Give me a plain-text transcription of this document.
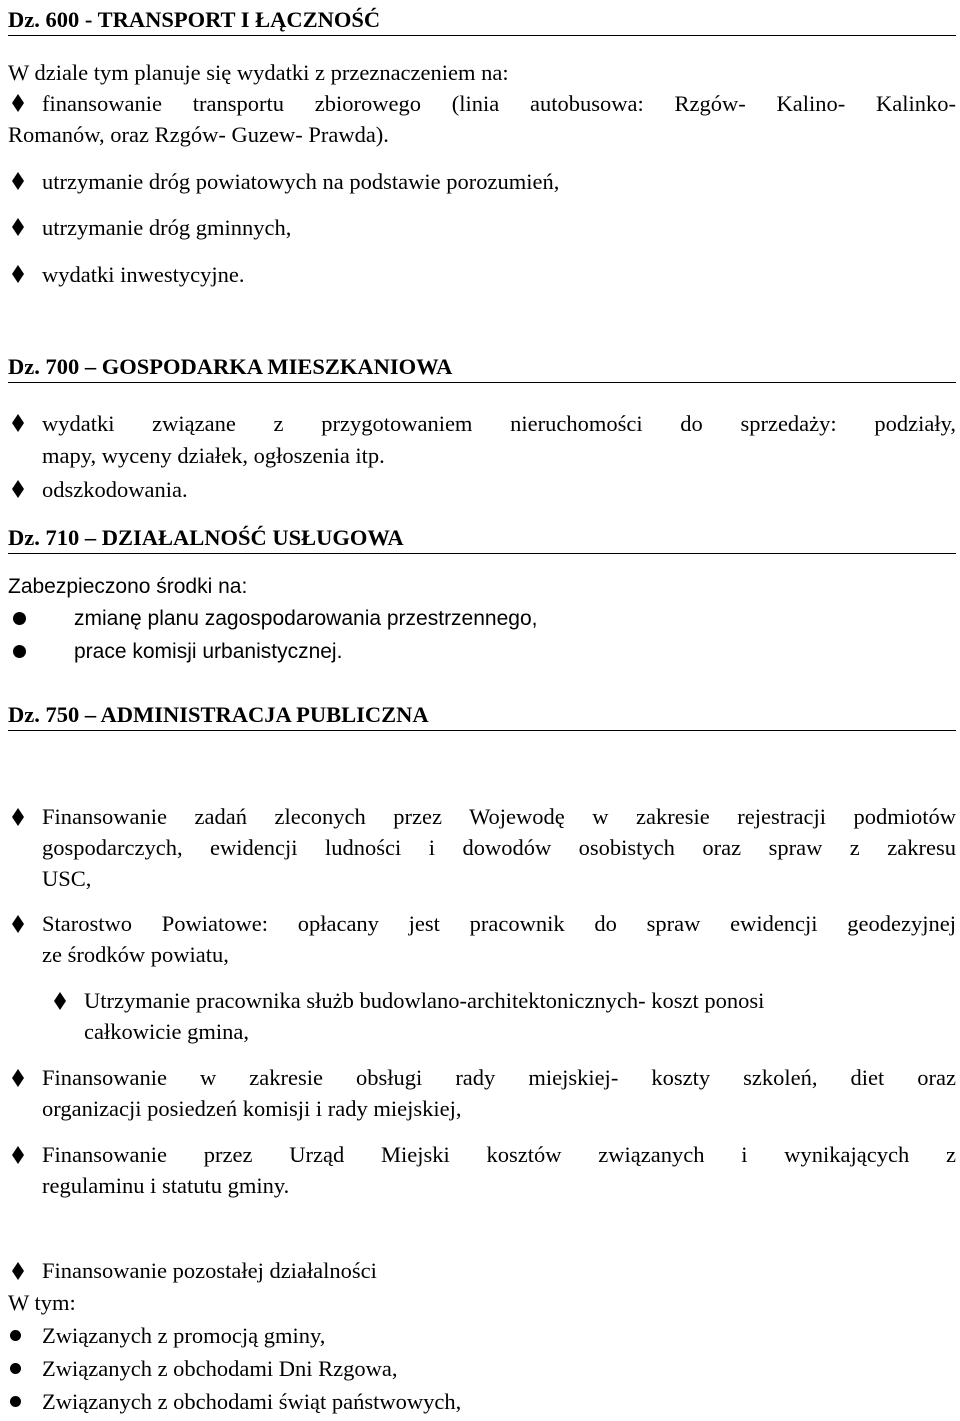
Dz. 600 - TRANSPORT I ŁĄCZNOŚĆ
W dziale tym planuje się wydatki z przeznaczeniem na:
finansowanie transportu zbiorowego (linia autobusowa: Rzgów- Kalino- Kalinko-
Romanów, oraz Rzgów- Guzew- Prawda).
utrzymanie dróg powiatowych na podstawie porozumień,
utrzymanie dróg gminnych,
wydatki inwestycyjne.
Dz. 700 – GOSPODARKA MIESZKANIOWA
wydatki związane z przygotowaniem nieruchomości do sprzedaży: podziały,
mapy, wyceny działek, ogłoszenia itp.
odszkodowania.
Dz. 710 – DZIAŁALNOŚĆ USŁUGOWA
Zabezpieczono środki na:
zmianę planu zagospodarowania przestrzennego,
prace komisji urbanistycznej.
Dz. 750 – ADMINISTRACJA PUBLICZNA
Finansowanie zadań zleconych przez Wojewodę w zakresie rejestracji podmiotów
gospodarczych, ewidencji ludności i dowodów osobistych oraz spraw z zakresu
USC,
Starostwo Powiatowe: opłacany jest pracownik do spraw ewidencji geodezyjnej
ze środków powiatu,
Utrzymanie pracownika służb budowlano-architektonicznych- koszt ponosi
całkowicie gmina,
Finansowanie w zakresie obsługi rady miejskiej- koszty szkoleń, diet oraz
organizacji posiedzeń komisji i rady miejskiej,
Finansowanie przez Urząd Miejski kosztów związanych i wynikających z
regulaminu i statutu gminy.
Finansowanie pozostałej działalności
W tym:
Związanych z promocją gminy,
Związanych z obchodami Dni Rzgowa,
Związanych z obchodami świąt państwowych,
